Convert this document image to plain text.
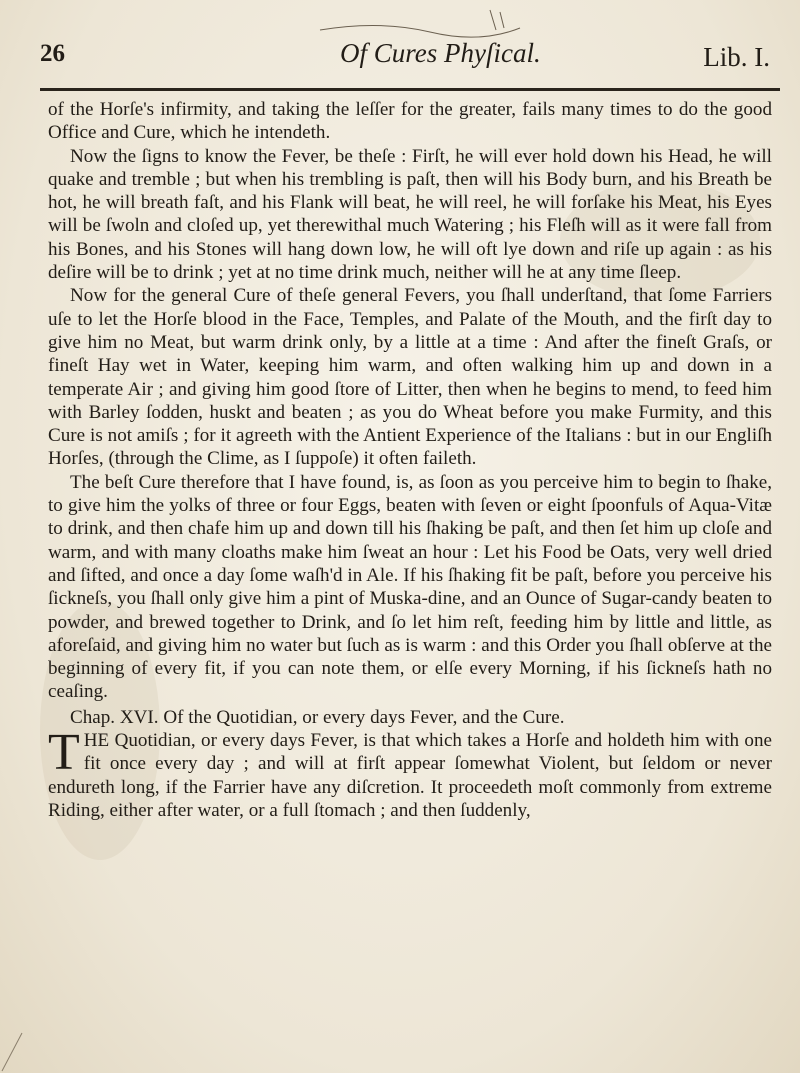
26	Of Cures Phyſical.	Lib. I.

of the Horſe's infirmity, and taking the leſſer for the greater, fails many times to do the good Office and Cure, which he intendeth.

Now the ſigns to know the Fever, be theſe : Firſt, he will ever hold down his Head, he will quake and tremble ; but when his trembling is paſt, then will his Body burn, and his Breath be hot, he will breath faſt, and his Flank will beat, he will reel, he will forſake his Meat, his Eyes will be ſwoln and cloſed up, yet therewithal much Watering ; his Fleſh will as it were fall from his Bones, and his Stones will hang down low, he will oft lye down and riſe up again : as his deſire will be to drink ; yet at no time drink much, neither will he at any time ſleep.

Now for the general Cure of theſe general Fevers, you ſhall underſtand, that ſome Farriers uſe to let the Horſe blood in the Face, Temples, and Palate of the Mouth, and the firſt day to give him no Meat, but warm drink only, by a little at a time : And after the fineſt Graſs, or fineſt Hay wet in Water, keeping him warm, and often walking him up and down in a temperate Air ; and giving him good ſtore of Litter, then when he begins to mend, to feed him with Barley ſodden, huskt and beaten ; as you do Wheat before you make Furmity, and this Cure is not amiſs ; for it agreeth with the Antient Experience of the Italians : but in our Engliſh Horſes, (through the Clime, as I ſuppoſe) it often faileth.

The beſt Cure therefore that I have found, is, as ſoon as you perceive him to begin to ſhake, to give him the yolks of three or four Eggs, beaten with ſeven or eight ſpoonfuls of Aqua-Vitæ to drink, and then chafe him up and down till his ſhaking be paſt, and then ſet him up cloſe and warm, and with many cloaths make him ſweat an hour : Let his Food be Oats, very well dried and ſifted, and once a day ſome waſh'd in Ale. If his ſhaking fit be paſt, before you perceive his ſickneſs, you ſhall only give him a pint of Muska-dine, and an Ounce of Sugar-candy beaten to powder, and brewed together to Drink, and ſo let him reſt, feeding him by little and little, as aforeſaid, and giving him no water but ſuch as is warm : and this Order you ſhall obſerve at the beginning of every fit, if you can note them, or elſe every Morning, if his ſickneſs hath no ceaſing.

Chap. XVI. Of the Quotidian, or every days Fever, and the Cure.

T HE Quotidian, or every days Fever, is that which takes a Horſe and holdeth him with one fit once every day ; and will at firſt appear ſomewhat Violent, but ſeldom or never endureth long, if the Farrier have any diſcretion. It proceedeth moſt commonly from extreme Riding, either after water, or a full ſtomach ; and then ſuddenly,
